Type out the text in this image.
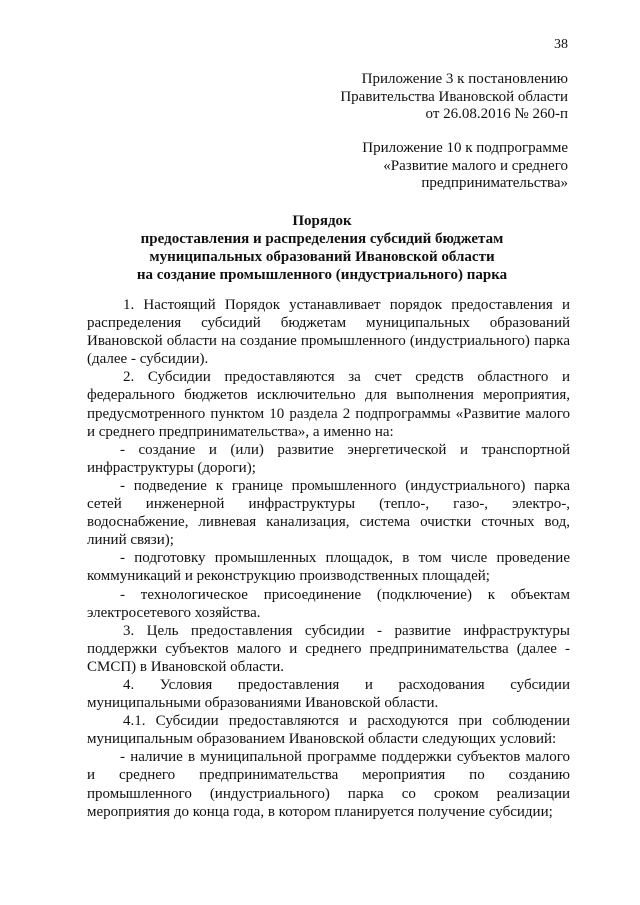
38
Приложение 3 к постановлению
Правительства Ивановской области
от 26.08.2016 № 260-п
Приложение 10 к подпрограмме
«Развитие малого и среднего
предпринимательства»
Порядок
предоставления и распределения субсидий бюджетам
муниципальных образований Ивановской области
на создание промышленного (индустриального) парка

1. Настоящий Порядок устанавливает порядок предоставления и распределения субсидий бюджетам муниципальных образований Ивановской области на создание промышленного (индустриального) парка (далее - субсидии).

2. Субсидии предоставляются за счет средств областного и федерального бюджетов исключительно для выполнения мероприятия, предусмотренного пунктом 10 раздела 2 подпрограммы «Развитие малого и среднего предпринимательства», а именно на:

- создание и (или) развитие энергетической и транспортной инфраструктуры (дороги);

- подведение к границе промышленного (индустриального) парка сетей инженерной инфраструктуры (тепло-, газо-, электро-, водоснабжение, ливневая канализация, система очистки сточных вод, линий связи);

- подготовку промышленных площадок, в том числе проведение коммуникаций и реконструкцию производственных площадей;

- технологическое присоединение (подключение) к объектам электросетевого хозяйства.

3. Цель предоставления субсидии - развитие инфраструктуры поддержки субъектов малого и среднего предпринимательства (далее - СМСП) в Ивановской области.

4. Условия предоставления и расходования субсидии муниципальными образованиями Ивановской области.

4.1. Субсидии предоставляются и расходуются при соблюдении муниципальным образованием Ивановской области следующих условий:

- наличие в муниципальной программе поддержки субъектов малого и среднего предпринимательства мероприятия по созданию промышленного (индустриального) парка со сроком реализации мероприятия до конца года, в котором планируется получение субсидии;
